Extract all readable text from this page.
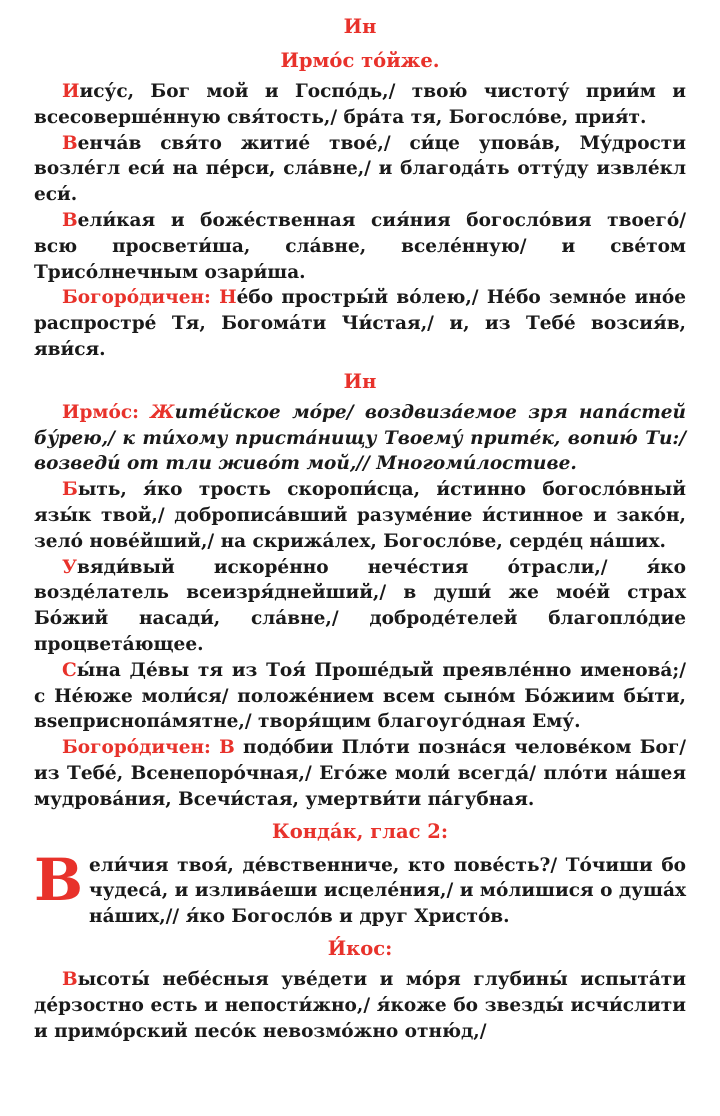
Ин
Ирмо́с то́йже.

Иису́с, Бог мой и Госпо́дь,/ твою́ чистоту́ прии́м и всесоверше́нную свя́тость,/ бра́та тя, Богосло́ве, прия́т.

Венча́в свя́то житие́ твое́,/ си́це упова́в, Му́дрости возле́гл еси́ на пе́рси, сла́вне,/ и благода́ть отту́ду извле́кл еси́.

Вели́кая и боже́ственная сия́ния богосло́вия твоего́/ всю просвети́ша, сла́вне, вселе́нную/ и све́том Трисо́лнечным озари́ша.

Богоро́дичен: Не́бо простры́й во́лею,/ Не́бо земно́е ино́е распростре́ Тя, Богома́ти Чи́стая,/ и, из Тебе́ возсия́в, яви́ся.

Ин

Ирмо́с: Жите́йское мо́ре/ воздвиза́емое зря напа́стей бу́рею,/ к ти́хому приста́нищу Твоему́ прите́к, вопию́ Ти:/ возведи́ от тли живо́т мой,// Многоми́лостиве.

Быть, я́ко трость скоропи́сца, и́стинно богосло́вный язы́к твой,/ доброписа́вший разуме́ние и́стинное и зако́н, зело́ нове́йший,/ на скрижа́лех, Богосло́ве, серде́ц на́ших.

Увяди́вый искоре́нно нече́стия о́трасли,/ я́ко возде́латель всеизря́днейший,/ в души́ же мое́й страх Бо́жий насади́, сла́вне,/ доброде́телей благопло́дие процвета́ющее.

Сы́на Де́вы тя из Тоя́ Проше́дый преявле́нно именова́;/ с Не́юже моли́ся/ положе́нием всем сыно́м Бо́жиим бы́ти, вseприснопа́мятне,/ творя́щим благоуго́дная Ему́.

Богоро́дичен: В подо́бии Пло́ти позна́ся челове́ком Бог/ из Тебе́, Всенепоро́чная,/ Его́же моли́ всегда́/ пло́ти на́шея мудрова́ния, Всечи́стая, умертви́ти па́губная.

Конда́к, глас 2:
Вели́чия твоя́, де́вственниче, кто пове́сть?/ То́чиши бо чудеса́, и излива́еши исцеле́ния,/ и мо́лишися о душа́х на́ших,// я́ко Богосло́в и друг Христо́в.
И́кос:

Высоты́ небе́сныя уве́дети и мо́ря глубины́ испыта́ти де́рзостно есть и непости́жно,/ я́коже бо звезды́ исчи́слити и примо́рский песо́к невозмо́жно отню́д,/
